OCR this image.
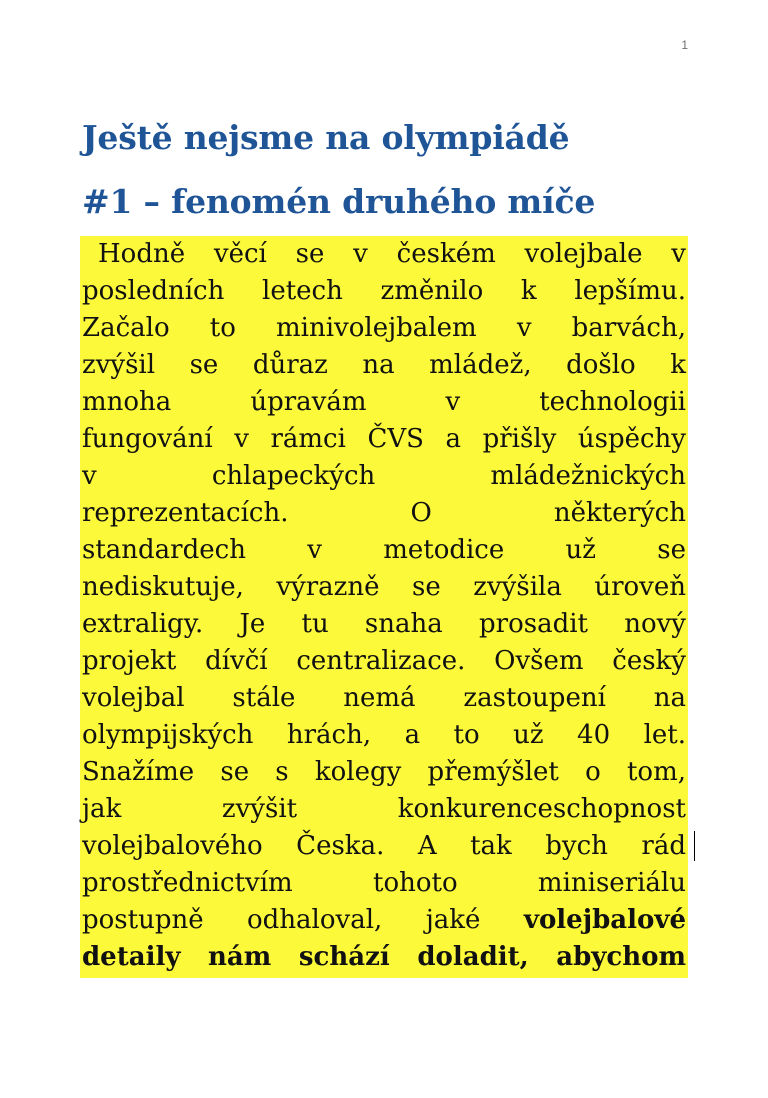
1
Ještě nejsme na olympiádě
#1 – fenomén druhého míče
Hodně věcí se v českém volejbale v
posledních letech změnilo k lepšímu.
Začalo to minivolejbalem v barvách,
zvýšil se důraz na mládež, došlo k
mnoha úpravám v technologii
fungování v rámci ČVS a přišly úspěchy
v chlapeckých mládežnických
reprezentacích. O některých
standardech v metodice už se
nediskutuje, výrazně se zvýšila úroveň
extraligy. Je tu snaha prosadit nový
projekt dívčí centralizace. Ovšem český
volejbal stále nemá zastoupení na
olympijských hrách, a to už 40 let.
Snažíme se s kolegy přemýšlet o tom,
jak zvýšit konkurenceschopnost
volejbalového Česka. A tak bych rád
prostřednictvím tohoto miniseriálu
postupně odhaloval, jaké volejbalové
detaily nám schází doladit, abychom
